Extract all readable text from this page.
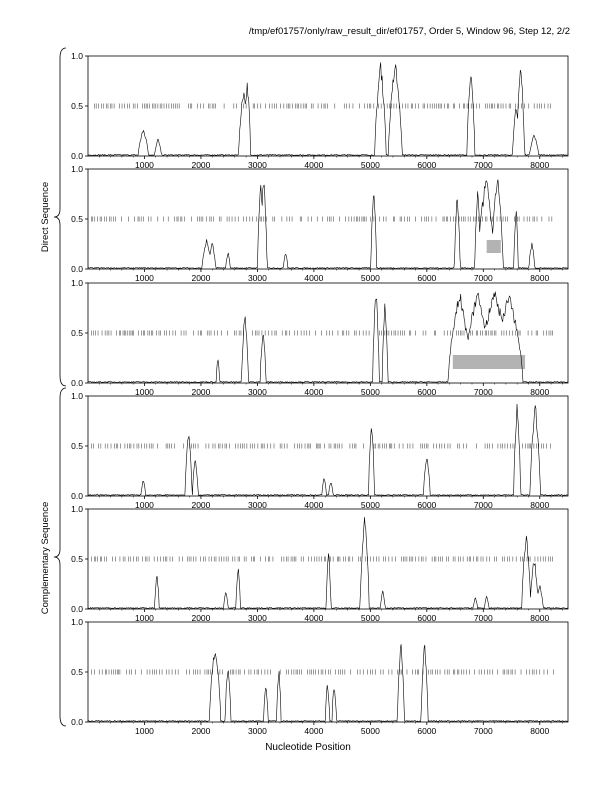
/tmp/ef01757/only/raw_result_dir/ef01757, Order 5, Window 96, Step 12, 2/2
0.0
0.5
1.0
1000	2000	3000	4000	5000	6000	7000	8000
0.0
0.5
1.0
1000	2000	3000	4000	5000	6000	7000	8000
0.0
0.5
1.0
1000	2000	3000	4000	5000	6000	7000	8000
0.0
0.5
1.0
1000	2000	3000	4000	5000	6000	7000	8000
0.0
0.5
1.0
1000	2000	3000	4000	5000	6000	7000	8000
0.0
0.5
1.0
1000	2000	3000	4000	5000	6000	7000	8000
Direct Sequence
Complementary Sequence
Nucleotide Position
